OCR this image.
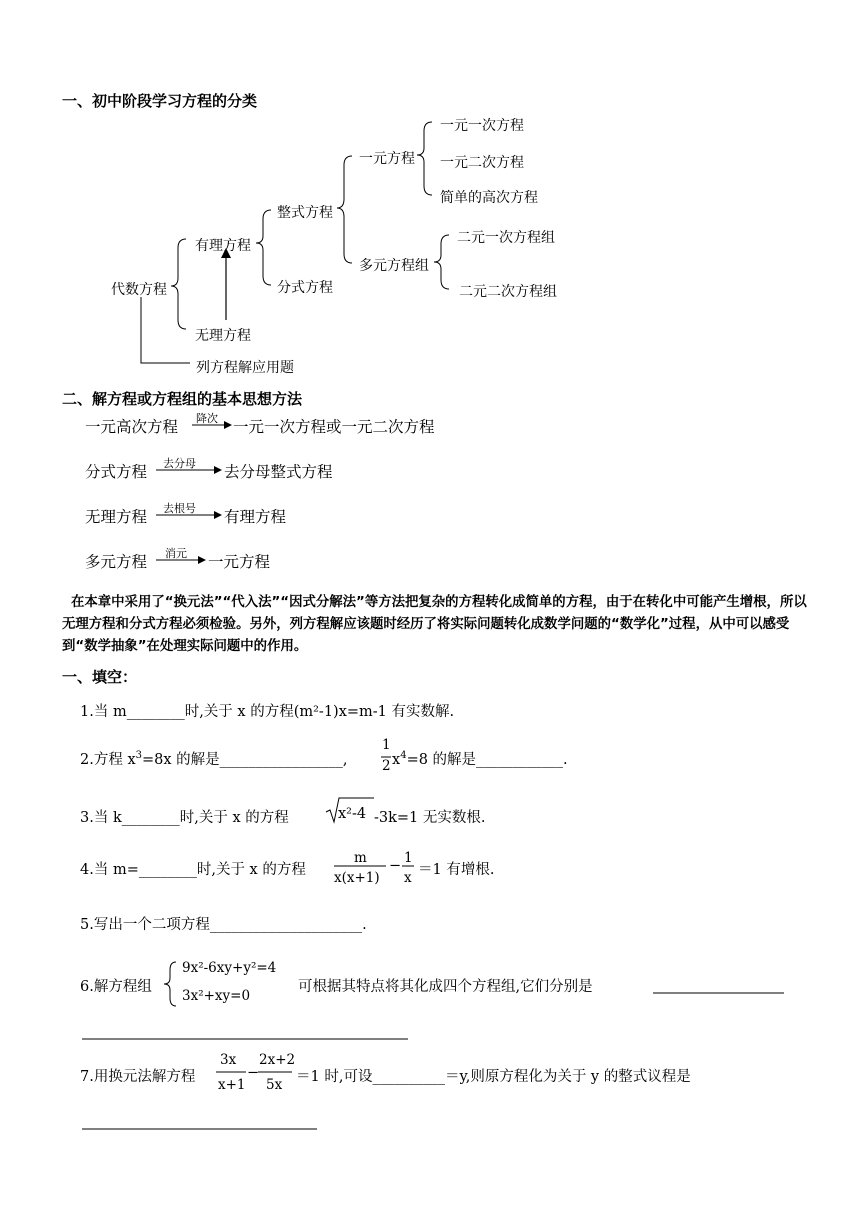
一、初中阶段学习方程的分类
代数方程
有理方程
无理方程
整式方程
分式方程
一元方程
多元方程组
一元一次方程
一元二次方程
简单的高次方程
二元一次方程组
二元二次方程组
列方程解应用题
二、解方程或方程组的基本思想方法
一元高次方程 降次 一元一次方程或一元二次方程
分式方程 去分母 去分母整式方程
无理方程 去根号 有理方程
多元方程 消元 一元方程
在本章中采用了“换元法”“代入法”“因式分解法”等方法把复杂的方程转化成简单的方程，由于在转化中可能产生增根，所以无理方程和分式方程必须检验。另外，列方程解应该题时经历了将实际问题转化成数学问题的“数学化”过程，从中可以感受到“数学抽象”在处理实际问题中的作用。
一、填空：
1.当 m________时,关于 x 的方程(m²-1)x=m-1 有实数解.
2.方程 $x^3=8x$ 的解是_________________,
1
2 $x^4=8$ 的解是____________.
3.当 k________时,关于 x 的方程	x²-4 -3k=1 无实数根.
4.当 m=________时,关于 x 的方程
m
x(x+1)
− 1
x ＝1 有增根.
5.写出一个二项方程_____________________.
6.解方程组
9x²-6xy+y²=4
3x²+xy=0
可根据其特点将其化成四个方程组,它们分别是
7.用换元法解方程
3x
x+1
−
2x+2
5x ＝1 时,可设__________＝y,则原方程化为关于 y 的整式议程是
